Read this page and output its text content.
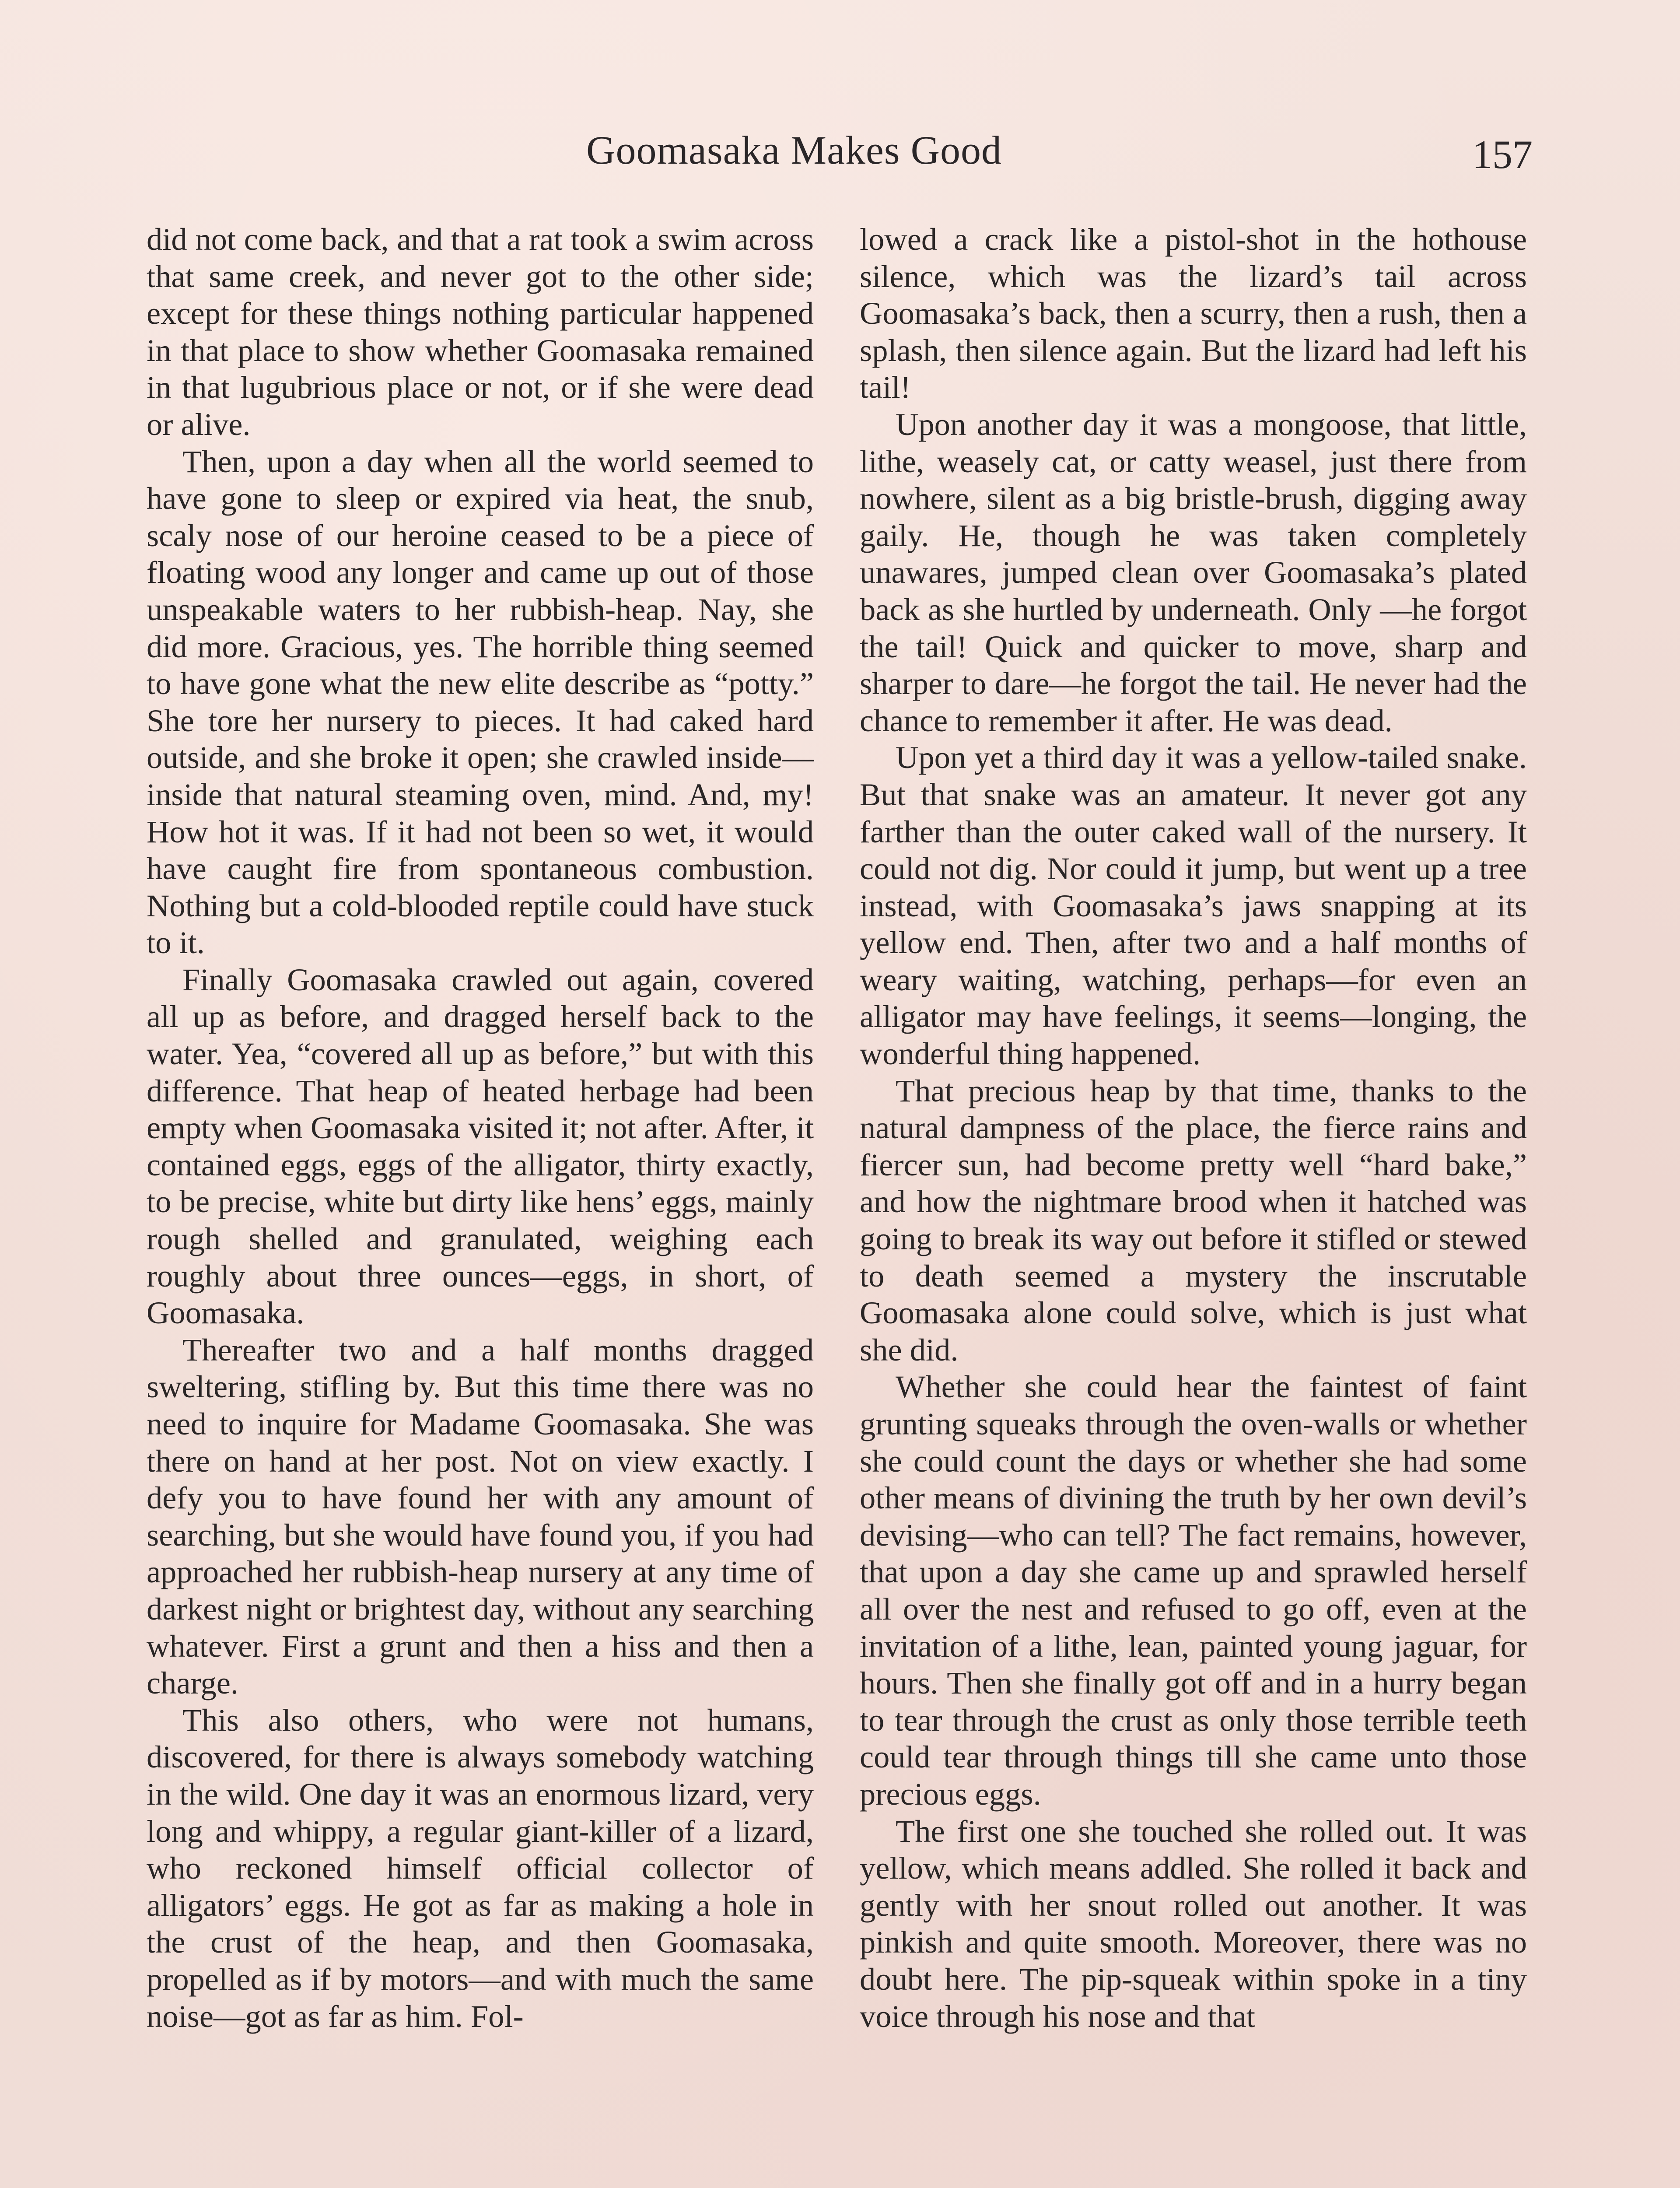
Goomasaka Makes Good	157

did not come back, and that a rat took a swim across that same creek, and never got to the other side; except for these things nothing particular happened in that place to show whether Goomasaka remained in that lugubrious place or not, or if she were dead or alive.

Then, upon a day when all the world seemed to have gone to sleep or expired via heat, the snub, scaly nose of our heroine ceased to be a piece of floating wood any longer and came up out of those unspeakable waters to her rubbish-heap. Nay, she did more. Gracious, yes. The horrible thing seemed to have gone what the new elite describe as “potty.” She tore her nursery to pieces. It had caked hard outside, and she broke it open; she crawled inside—inside that natural steaming oven, mind. And, my! How hot it was. If it had not been so wet, it would have caught fire from spontaneous combustion. Nothing but a cold-blooded reptile could have stuck to it.

Finally Goomasaka crawled out again, covered all up as before, and dragged herself back to the water. Yea, “covered all up as before,” but with this difference. That heap of heated herbage had been empty when Goomasaka visited it; not after. After, it contained eggs, eggs of the alligator, thirty exactly, to be precise, white but dirty like hens’ eggs, mainly rough shelled and granulated, weighing each roughly about three ounces—eggs, in short, of Goomasaka.

Thereafter two and a half months dragged sweltering, stifling by. But this time there was no need to inquire for Madame Goomasaka. She was there on hand at her post. Not on view exactly. I defy you to have found her with any amount of searching, but she would have found you, if you had approached her rubbish-heap nursery at any time of darkest night or brightest day, without any searching whatever. First a grunt and then a hiss and then a charge.

This also others, who were not humans, discovered, for there is always somebody watching in the wild. One day it was an enormous lizard, very long and whippy, a regular giant-killer of a lizard, who reckoned himself official collector of alligators’ eggs. He got as far as making a hole in the crust of the heap, and then Goomasaka, propelled as if by motors—and with much the same noise—got as far as him. Fol-

lowed a crack like a pistol-shot in the hothouse silence, which was the lizard’s tail across Goomasaka’s back, then a scurry, then a rush, then a splash, then silence again. But the lizard had left his tail!

Upon another day it was a mongoose, that little, lithe, weasely cat, or catty weasel, just there from nowhere, silent as a big bristle-brush, digging away gaily. He, though he was taken completely unawares, jumped clean over Goomasaka’s plated back as she hurtled by underneath. Only —he forgot the tail! Quick and quicker to move, sharp and sharper to dare—he forgot the tail. He never had the chance to remember it after. He was dead.

Upon yet a third day it was a yellow-tailed snake. But that snake was an amateur. It never got any farther than the outer caked wall of the nursery. It could not dig. Nor could it jump, but went up a tree instead, with Goomasaka’s jaws snapping at its yellow end. Then, after two and a half months of weary waiting, watching, perhaps—for even an alligator may have feelings, it seems—longing, the wonderful thing happened.

That precious heap by that time, thanks to the natural dampness of the place, the fierce rains and fiercer sun, had become pretty well “hard bake,” and how the nightmare brood when it hatched was going to break its way out before it stifled or stewed to death seemed a mystery the inscrutable Goomasaka alone could solve, which is just what she did.

Whether she could hear the faintest of faint grunting squeaks through the oven-walls or whether she could count the days or whether she had some other means of divining the truth by her own devil’s devising—who can tell? The fact remains, however, that upon a day she came up and sprawled herself all over the nest and refused to go off, even at the invitation of a lithe, lean, painted young jaguar, for hours. Then she finally got off and in a hurry began to tear through the crust as only those terrible teeth could tear through things till she came unto those precious eggs.

The first one she touched she rolled out. It was yellow, which means addled. She rolled it back and gently with her snout rolled out another. It was pinkish and quite smooth. Moreover, there was no doubt here. The pip-squeak within spoke in a tiny voice through his nose and that
